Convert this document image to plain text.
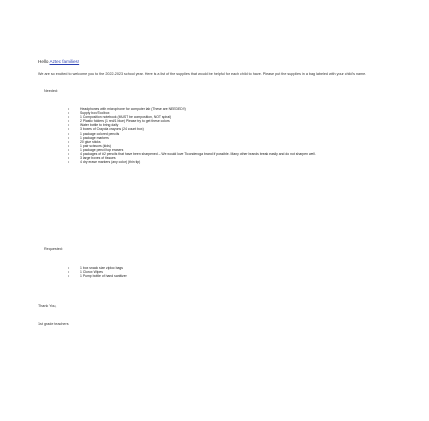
Hello Aztec families!
We are so excited to welcome you to the 2022-2023 school year. Here is a list of the supplies that would be helpful for each child to have. Please put the supplies in a bag labeled with your child's name.
Needed:
•	Headphones with microphone for computer lab (These are NEEDED!!)
•	Supply box/Toolbox
•	1 Composition notebook (MUST be composition, NOT spiral)
•	2 Plastic folders (1 red/1 blue) Please try to get these colors
•	Water bottle to bring daily
•	3 boxes of Crayola crayons (24 count box)
•	1 package colored pencils
•	1 package markers
•	20 glue sticks
•	1 pair scissors (kids)
•	1 package pencil top erasers
•	4 packages of #2 pencils that have been sharpened – We would love Ticonderoga brand if possible. Many other brands break easily and do not sharpen well.
•	3 large boxes of tissues
•	4 dry erase markers (any color) (thin tip)
Requested:
•	1 box snack size ziploc bags
•	1 Clorox Wipes
•	1 Pump bottle of hand sanitizer
Thank You,
1st grade teachers
